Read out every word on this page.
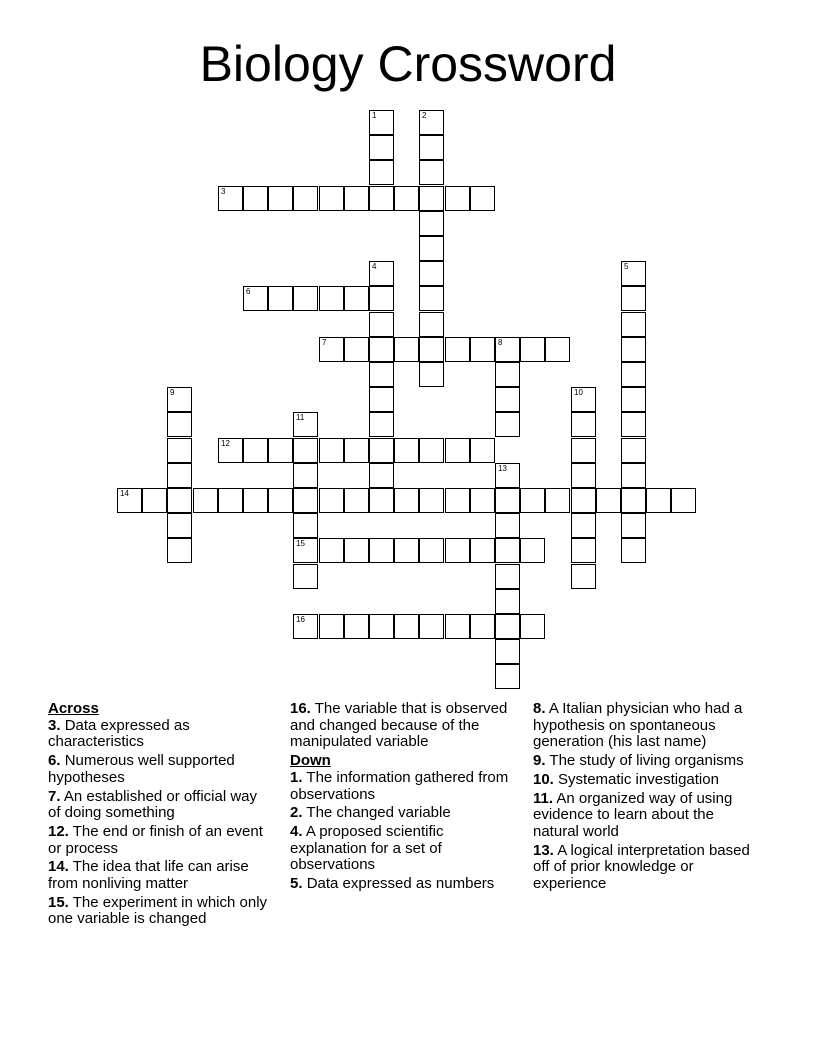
Biology Crossword
1	2
3
4	5
6
7	8
9	10
11
15
12
13
14
16

Across

3. Data expressed as characteristics

6. Numerous well supported hypotheses

7. An established or official way of doing something

12. The end or finish of an event or process

14. The idea that life can arise from nonliving matter

15. The experiment in which only one variable is changed

16. The variable that is observed and changed because of the manipulated variable

Down

1. The information gathered from observations

2. The changed variable

4. A proposed scientific explanation for a set of observations

5. Data expressed as numbers

8. A Italian physician who had a hypothesis on spontaneous generation (his last name)

9. The study of living organisms

10. Systematic investigation

11. An organized way of using evidence to learn about the natural world

13. A logical interpretation based off of prior knowledge or experience
